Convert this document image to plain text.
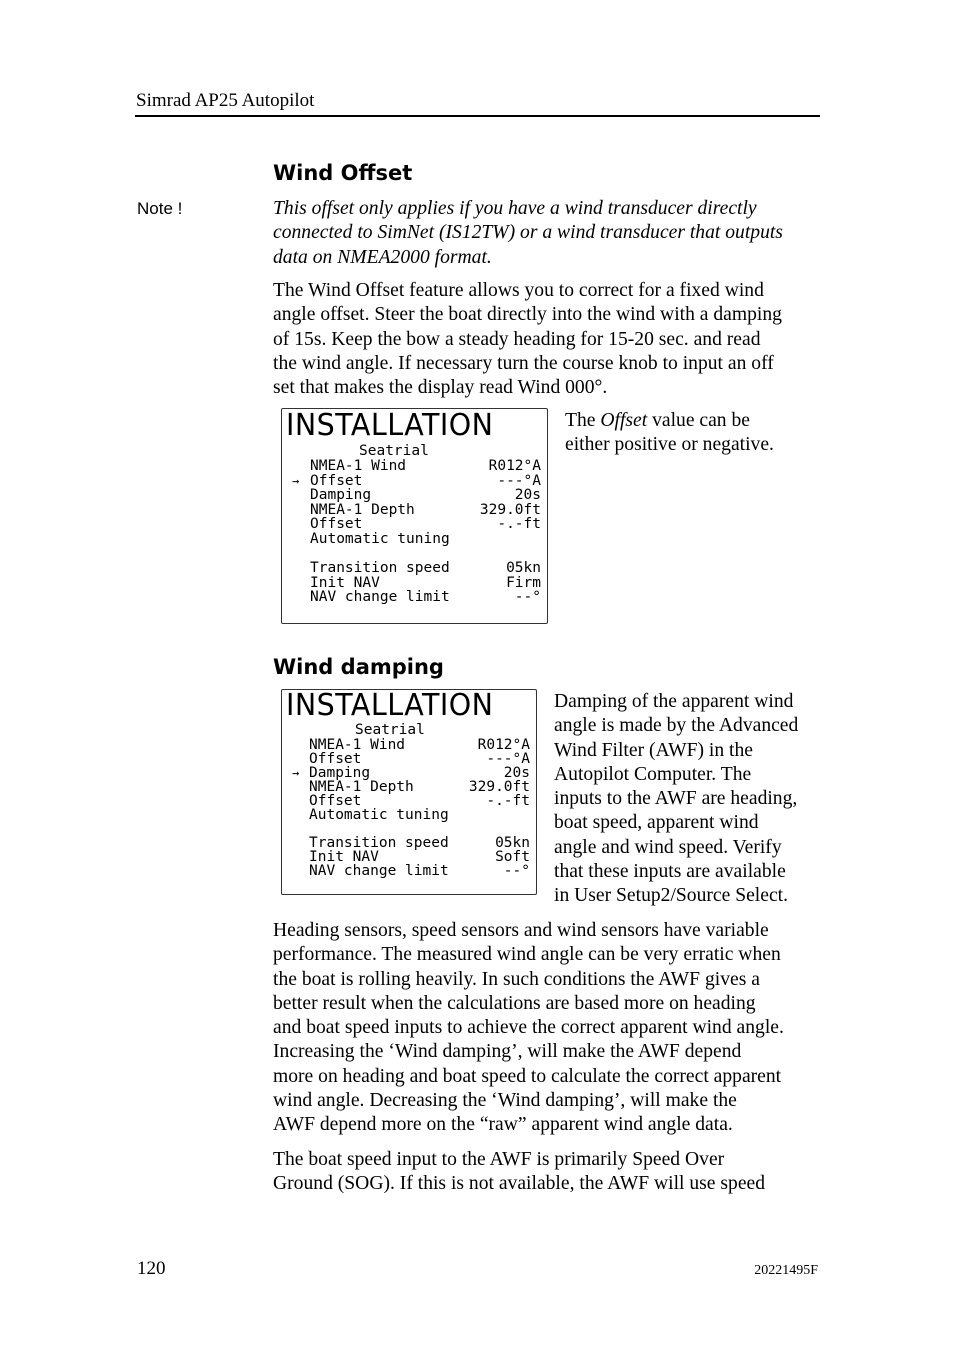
Simrad AP25 Autopilot
Wind Offset
Note !	This offset only applies if you have a wind transducer directly
connected to SimNet (IS12TW) or a wind transducer that outputs
data on NMEA2000 format.
The Wind Offset feature allows you to correct for a fixed wind
angle offset. Steer the boat directly into the wind with a damping
of 15s. Keep the bow a steady heading for 15-20 sec. and read
the wind angle. If necessary turn the course knob to input an off
set that makes the display read Wind 000°.
INSTALLATION
Seatrial
→
NMEA-1 Wind	R012°A
Offset	---°A
Damping	20s
NMEA-1 Depth	329.0ft
Offset	-.-ft
Automatic tuning
Transition speed	05kn
Init NAV	Firm
NAV change limit	--°
The Offset value can be
either positive or negative.
Wind damping
INSTALLATION
Seatrial
→
NMEA-1 Wind	R012°A
Offset	---°A
Damping	20s
NMEA-1 Depth	329.0ft
Offset	-.-ft
Automatic tuning
Transition speed	05kn
Init NAV	Soft
NAV change limit	--°
Damping of the apparent wind
angle is made by the Advanced
Wind Filter (AWF) in the
Autopilot Computer. The
inputs to the AWF are heading,
boat speed, apparent wind
angle and wind speed. Verify
that these inputs are available
in User Setup2/Source Select.
Heading sensors, speed sensors and wind sensors have variable
performance. The measured wind angle can be very erratic when
the boat is rolling heavily. In such conditions the AWF gives a
better result when the calculations are based more on heading
and boat speed inputs to achieve the correct apparent wind angle.
Increasing the ‘Wind damping’, will make the AWF depend
more on heading and boat speed to calculate the correct apparent
wind angle. Decreasing the ‘Wind damping’, will make the
AWF depend more on the “raw” apparent wind angle data.
The boat speed input to the AWF is primarily Speed Over
Ground (SOG). If this is not available, the AWF will use speed
120	20221495F
